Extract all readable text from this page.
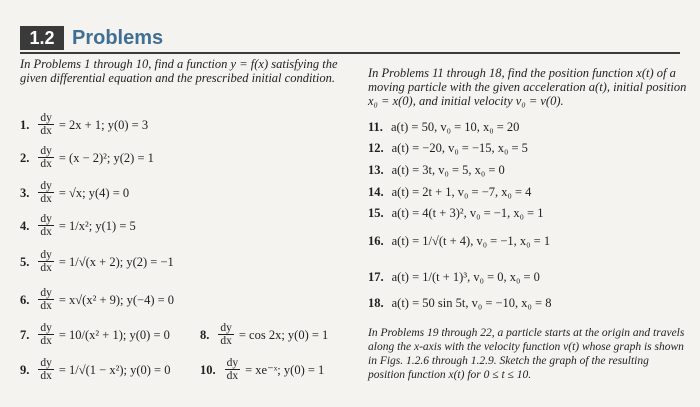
1.2 Problems
In Problems 1 through 10, find a function y = f(x) satisfying the given differential equation and the prescribed initial condition.	In Problems 11 through 18, find the position function x(t) of a moving particle with the given acceleration a(t), initial position x₀ = x(0), and initial velocity v₀ = v(0).
1. $\frac{dy}{dx} = 2x + 1$; y(0) = 3
2. $\frac{dy}{dx} = (x - 2)^2$; y(2) = 1
3. $\frac{dy}{dx} = √x$; y(4) = 0
4. $\frac{dy}{dx} = 1/x^2$; y(1) = 5
5. $\frac{dy}{dx} = 1/√(x + 2)$; y(2) = −1
6. $\frac{dy}{dx} = x√(x^2 + 9)$; y(−4) = 0
7. $\frac{dy}{dx} = 10/(x^2 + 1)$; y(0) = 0 8. $\frac{dy}{dx} = \cos 2x$; y(0) = 1
9. $\frac{dy}{dx} = 1/√(1 - x^2)$; y(0) = 0 10. $\frac{dy}{dx}$ = xe⁻ˣ; y(0) = 1
11. a(t) = 50, v₀ = 10, x₀ = 20
12. a(t) = −20, v₀ = −15, x₀ = 5
13. a(t) = 3t, v₀ = 5, x₀ = 0
14. a(t) = 2t + 1, v₀ = −7, x₀ = 4
15. a(t) = 4(t + 3)², v₀ = −1, x₀ = 1
16. a(t) = 1/√(t + 4), v₀ = −1, x₀ = 1
17. a(t) = 1/(t + 1)³, v₀ = 0, x₀ = 0
18. a(t) = 50 sin 5t, v₀ = −10, x₀ = 8
In Problems 19 through 22, a particle starts at the origin and travels along the x-axis with the velocity function v(t) whose graph is shown in Figs. 1.2.6 through 1.2.9. Sketch the graph of the resulting position function x(t) for 0 ≤ t ≤ 10.
